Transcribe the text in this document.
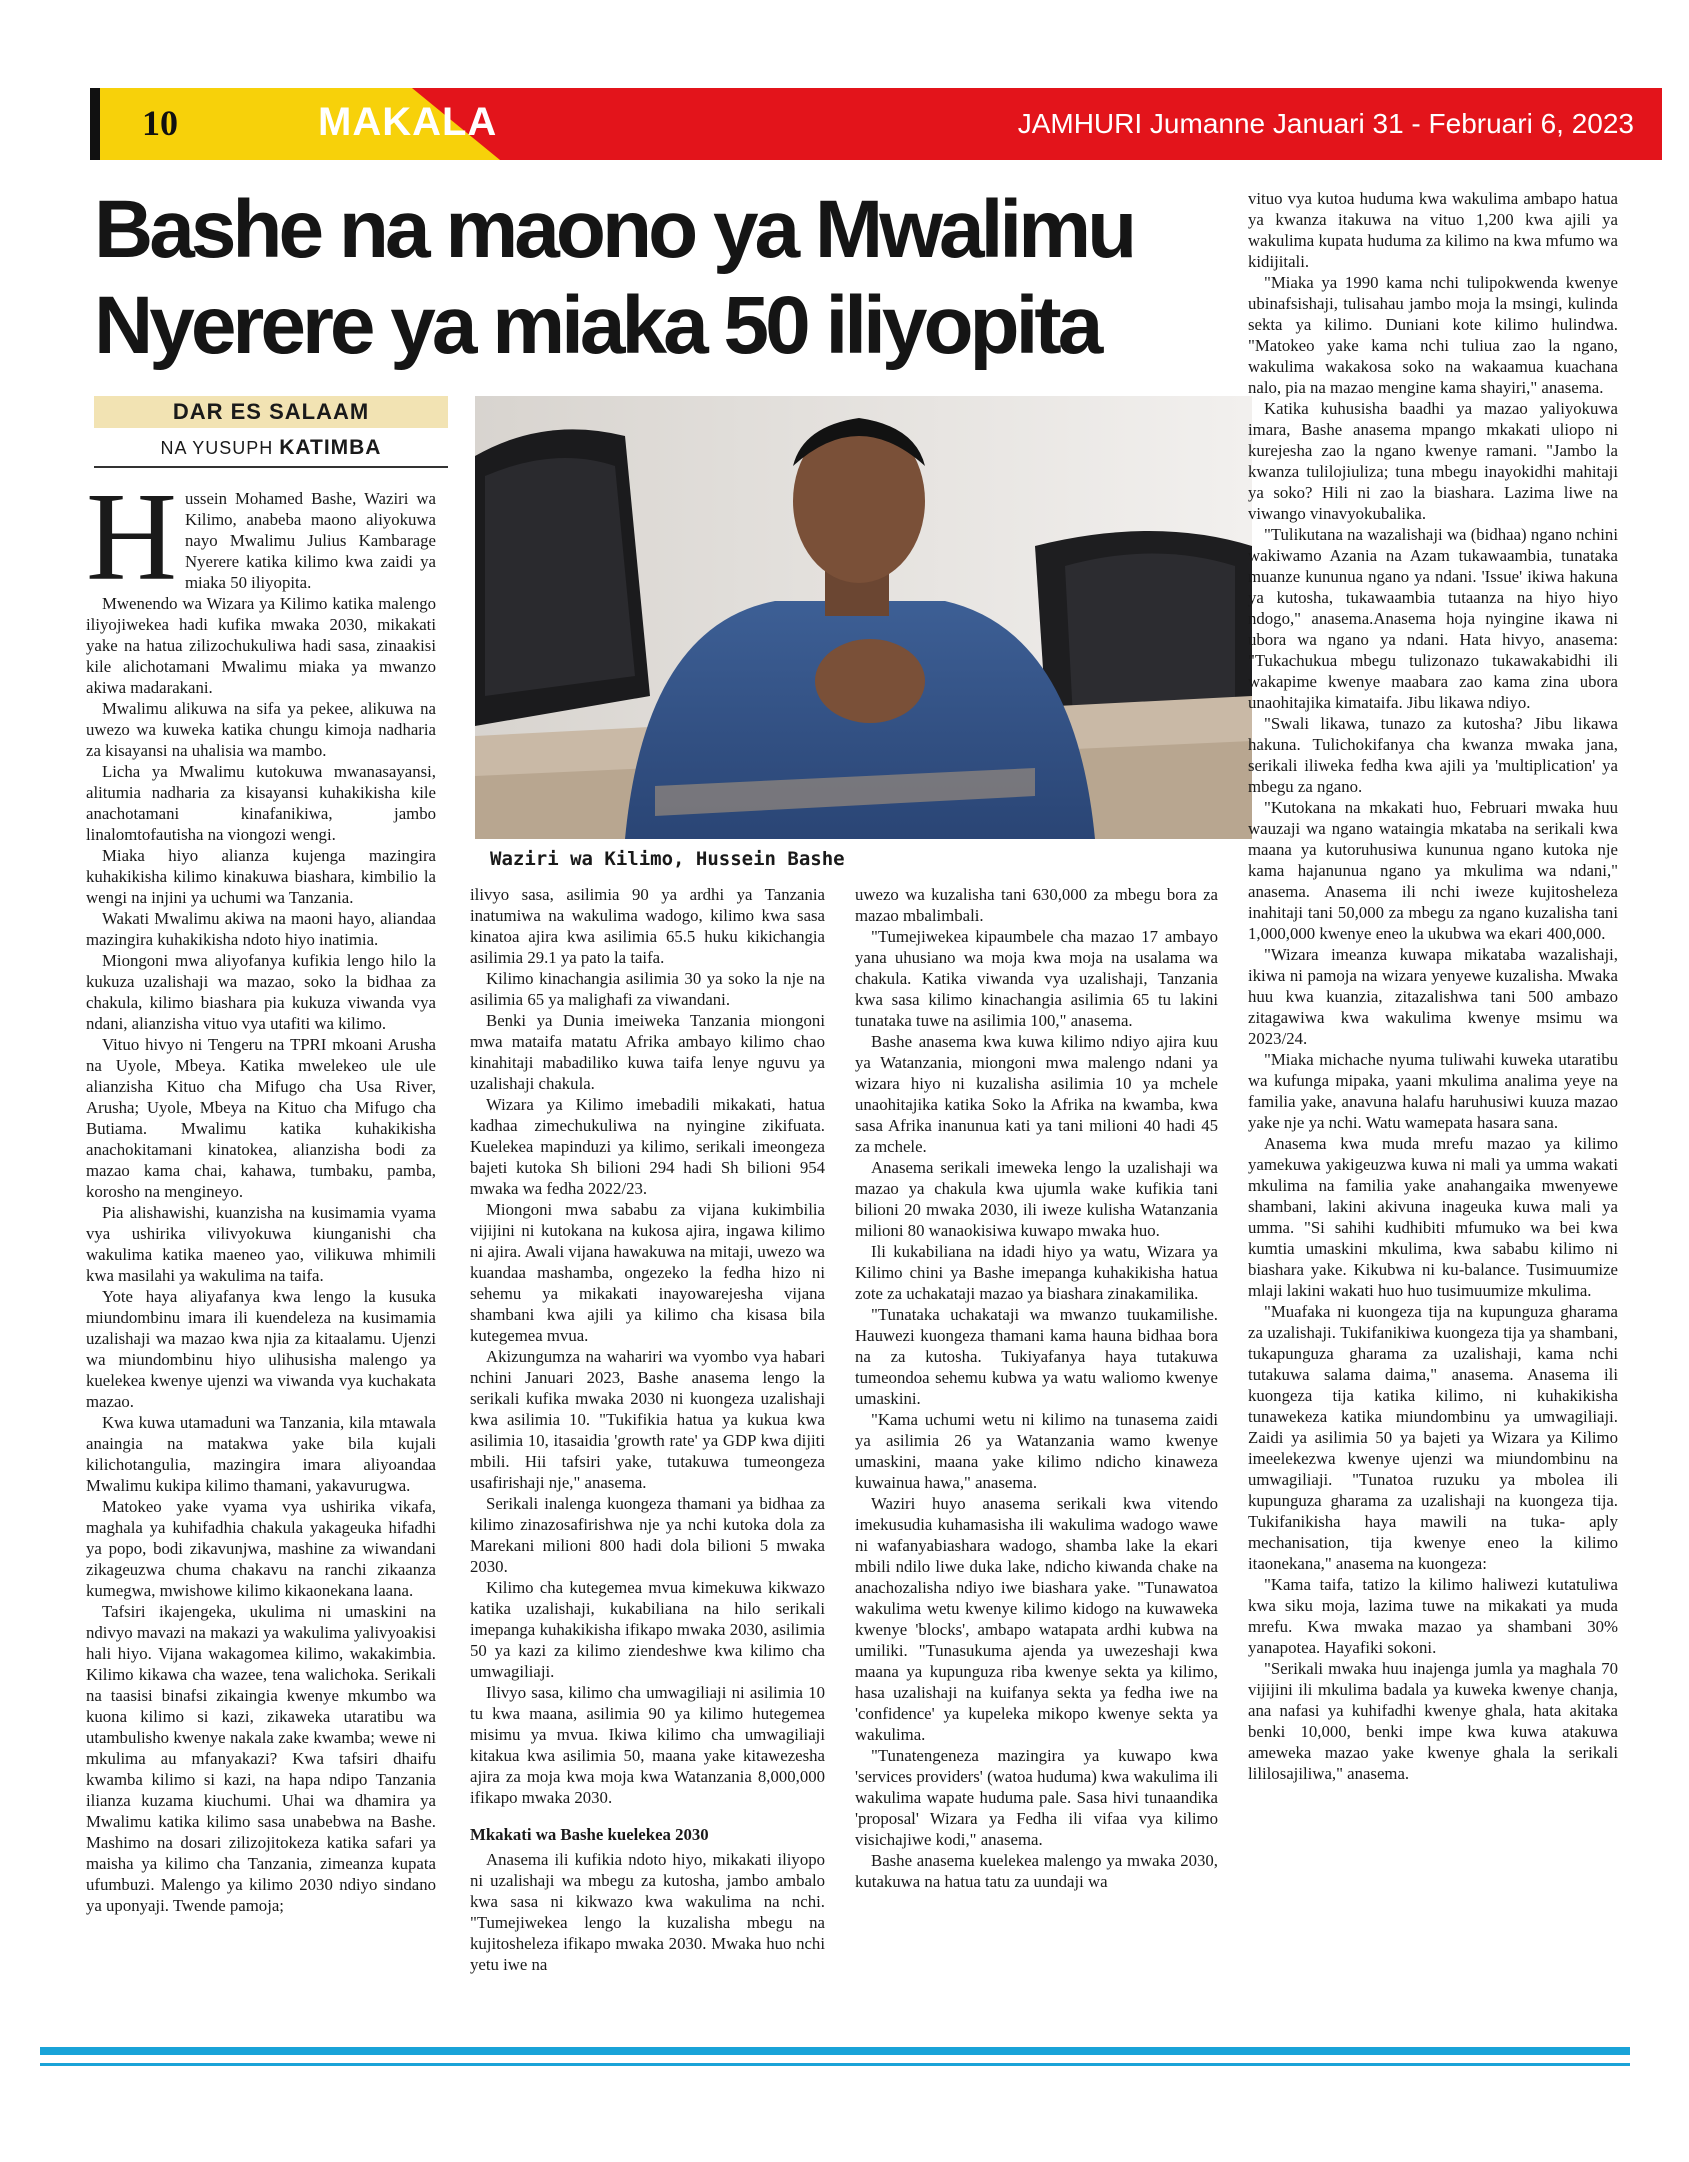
10	MAKALA	JAMHURI Jumanne Januari 31 - Februari 6, 2023
Bashe na maono ya Mwalimu
Nyerere ya miaka 50 iliyopita
DAR ES SALAAM
NA YUSUPH KATIMBA
Waziri wa Kilimo, Hussein Bashe

Hussein Mohamed Bashe, Waziri wa Kilimo, anabeba maono aliyokuwa nayo Mwalimu Julius Kambarage Nyerere katika kilimo kwa zaidi ya miaka 50 iliyopita.

Mwenendo wa Wizara ya Kilimo katika malengo iliyojiwekea hadi kufika mwaka 2030, mikakati yake na hatua zilizochukuliwa hadi sasa, zinaakisi kile alichotamani Mwalimu miaka ya mwanzo akiwa madarakani.

Mwalimu alikuwa na sifa ya pekee, alikuwa na uwezo wa kuweka katika chungu kimoja nadharia za kisayansi na uhalisia wa mambo.

Licha ya Mwalimu kutokuwa mwanasayansi, alitumia nadharia za kisayansi kuhakikisha kile anachotamani kinafanikiwa, jambo linalomtofautisha na viongozi wengi.

Miaka hiyo alianza kujenga mazingira kuhakikisha kilimo kinakuwa biashara, kimbilio la wengi na injini ya uchumi wa Tanzania.

Wakati Mwalimu akiwa na maoni hayo, aliandaa mazingira kuhakikisha ndoto hiyo inatimia.

Miongoni mwa aliyofanya kufikia lengo hilo la kukuza uzalishaji wa mazao, soko la bidhaa za chakula, kilimo biashara pia kukuza viwanda vya ndani, alianzisha vituo vya utafiti wa kilimo.

Vituo hivyo ni Tengeru na TPRI mkoani Arusha na Uyole, Mbeya. Katika mwelekeo ule ule alianzisha Kituo cha Mifugo cha Usa River, Arusha; Uyole, Mbeya na Kituo cha Mifugo cha Butiama. Mwalimu katika kuhakikisha anachokitamani kinatokea, alianzisha bodi za mazao kama chai, kahawa, tumbaku, pamba, korosho na mengineyo.

Pia alishawishi, kuanzisha na kusimamia vyama vya ushirika vilivyokuwa kiunganishi cha wakulima katika maeneo yao, vilikuwa mhimili kwa masilahi ya wakulima na taifa.

Yote haya aliyafanya kwa lengo la kusuka miundombinu imara ili kuendeleza na kusimamia uzalishaji wa mazao kwa njia za kitaalamu. Ujenzi wa miundombinu hiyo ulihusisha malengo ya kuelekea kwenye ujenzi wa viwanda vya kuchakata mazao.

Kwa kuwa utamaduni wa Tanzania, kila mtawala anaingia na matakwa yake bila kujali kilichotangulia, mazingira imara aliyoandaa Mwalimu kukipa kilimo thamani, yakavurugwa.

Matokeo yake vyama vya ushirika vikafa, maghala ya kuhifadhia chakula yakageuka hifadhi ya popo, bodi zikavunjwa, mashine za wiwandani zikageuzwa chuma chakavu na ranchi zikaanza kumegwa, mwishowe kilimo kikaonekana laana.

Tafsiri ikajengeka, ukulima ni umaskini na ndivyo mavazi na makazi ya wakulima yalivyoakisi hali hiyo. Vijana wakagomea kilimo, wakakimbia. Kilimo kikawa cha wazee, tena walichoka. Serikali na taasisi binafsi zikaingia kwenye mkumbo wa kuona kilimo si kazi, zikaweka utaratibu wa utambulisho kwenye nakala zake kwamba; wewe ni mkulima au mfanyakazi? Kwa tafsiri dhaifu kwamba kilimo si kazi, na hapa ndipo Tanzania ilianza kuzama kiuchumi. Uhai wa dhamira ya Mwalimu katika kilimo sasa unabebwa na Bashe. Mashimo na dosari zilizojitokeza katika safari ya maisha ya kilimo cha Tanzania, zimeanza kupata ufumbuzi. Malengo ya kilimo 2030 ndiyo sindano ya uponyaji. Twende pamoja;

ilivyo sasa, asilimia 90 ya ardhi ya Tanzania inatumiwa na wakulima wadogo, kilimo kwa sasa kinatoa ajira kwa asilimia 65.5 huku kikichangia asilimia 29.1 ya pato la taifa.

Kilimo kinachangia asilimia 30 ya soko la nje na asilimia 65 ya malighafi za viwandani.

Benki ya Dunia imeiweka Tanzania miongoni mwa mataifa matatu Afrika ambayo kilimo chao kinahitaji mabadiliko kuwa taifa lenye nguvu ya uzalishaji chakula.

Wizara ya Kilimo imebadili mikakati, hatua kadhaa zimechukuliwa na nyingine zikifuata. Kuelekea mapinduzi ya kilimo, serikali imeongeza bajeti kutoka Sh bilioni 294 hadi Sh bilioni 954 mwaka wa fedha 2022/23.

Miongoni mwa sababu za vijana kukimbilia vijijini ni kutokana na kukosa ajira, ingawa kilimo ni ajira. Awali vijana hawakuwa na mitaji, uwezo wa kuandaa mashamba, ongezeko la fedha hizo ni sehemu ya mikakati inayowarejesha vijana shambani kwa ajili ya kilimo cha kisasa bila kutegemea mvua.

Akizungumza na wahariri wa vyombo vya habari nchini Januari 2023, Bashe anasema lengo la serikali kufika mwaka 2030 ni kuongeza uzalishaji kwa asilimia 10. "Tukifikia hatua ya kukua kwa asilimia 10, itasaidia 'growth rate' ya GDP kwa dijiti mbili. Hii tafsiri yake, tutakuwa tumeongeza usafirishaji nje," anasema.

Serikali inalenga kuongeza thamani ya bidhaa za kilimo zinazosafirishwa nje ya nchi kutoka dola za Marekani milioni 800 hadi dola bilioni 5 mwaka 2030.

Kilimo cha kutegemea mvua kimekuwa kikwazo katika uzalishaji, kukabiliana na hilo serikali imepanga kuhakikisha ifikapo mwaka 2030, asilimia 50 ya kazi za kilimo ziendeshwe kwa kilimo cha umwagiliaji.

Ilivyo sasa, kilimo cha umwagiliaji ni asilimia 10 tu kwa maana, asilimia 90 ya kilimo hutegemea misimu ya mvua. Ikiwa kilimo cha umwagiliaji kitakua kwa asilimia 50, maana yake kitawezesha ajira za moja kwa moja kwa Watanzania 8,000,000 ifikapo mwaka 2030.

Mkakati wa Bashe kuelekea 2030

Anasema ili kufikia ndoto hiyo, mikakati iliyopo ni uzalishaji wa mbegu za kutosha, jambo ambalo kwa sasa ni kikwazo kwa wakulima na nchi. "Tumejiwekea lengo la kuzalisha mbegu na kujitosheleza ifikapo mwaka 2030. Mwaka huo nchi yetu iwe na

uwezo wa kuzalisha tani 630,000 za mbegu bora za mazao mbalimbali.

"Tumejiwekea kipaumbele cha mazao 17 ambayo yana uhusiano wa moja kwa moja na usalama wa chakula. Katika viwanda vya uzalishaji, Tanzania kwa sasa kilimo kinachangia asilimia 65 tu lakini tunataka tuwe na asilimia 100," anasema.

Bashe anasema kwa kuwa kilimo ndiyo ajira kuu ya Watanzania, miongoni mwa malengo ndani ya wizara hiyo ni kuzalisha asilimia 10 ya mchele unaohitajika katika Soko la Afrika na kwamba, kwa sasa Afrika inanunua kati ya tani milioni 40 hadi 45 za mchele.

Anasema serikali imeweka lengo la uzalishaji wa mazao ya chakula kwa ujumla wake kufikia tani bilioni 20 mwaka 2030, ili iweze kulisha Watanzania milioni 80 wanaokisiwa kuwapo mwaka huo.

Ili kukabiliana na idadi hiyo ya watu, Wizara ya Kilimo chini ya Bashe imepanga kuhakikisha hatua zote za uchakataji mazao ya biashara zinakamilika.

"Tunataka uchakataji wa mwanzo tuukamilishe. Hauwezi kuongeza thamani kama hauna bidhaa bora na za kutosha. Tukiyafanya haya tutakuwa tumeondoa sehemu kubwa ya watu waliomo kwenye umaskini.

"Kama uchumi wetu ni kilimo na tunasema zaidi ya asilimia 26 ya Watanzania wamo kwenye umaskini, maana yake kilimo ndicho kinaweza kuwainua hawa," anasema.

Waziri huyo anasema serikali kwa vitendo imekusudia kuhamasisha ili wakulima wadogo wawe ni wafanyabiashara wadogo, shamba lake la ekari mbili ndilo liwe duka lake, ndicho kiwanda chake na anachozalisha ndiyo iwe biashara yake. "Tunawatoa wakulima wetu kwenye kilimo kidogo na kuwaweka kwenye 'blocks', ambapo watapata ardhi kubwa na umiliki. "Tunasukuma ajenda ya uwezeshaji kwa maana ya kupunguza riba kwenye sekta ya kilimo, hasa uzalishaji na kuifanya sekta ya fedha iwe na 'confidence' ya kupeleka mikopo kwenye sekta ya wakulima.

"Tunatengeneza mazingira ya kuwapo kwa 'services providers' (watoa huduma) kwa wakulima ili wakulima wapate huduma pale. Sasa hivi tunaandika 'proposal' Wizara ya Fedha ili vifaa vya kilimo visichajiwe kodi," anasema.

Bashe anasema kuelekea malengo ya mwaka 2030, kutakuwa na hatua tatu za uundaji wa

vituo vya kutoa huduma kwa wakulima ambapo hatua ya kwanza itakuwa na vituo 1,200 kwa ajili ya wakulima kupata huduma za kilimo na kwa mfumo wa kidijitali.

"Miaka ya 1990 kama nchi tulipokwenda kwenye ubinafsishaji, tulisahau jambo moja la msingi, kulinda sekta ya kilimo. Duniani kote kilimo hulindwa. "Matokeo yake kama nchi tuliua zao la ngano, wakulima wakakosa soko na wakaamua kuachana nalo, pia na mazao mengine kama shayiri," anasema.

Katika kuhusisha baadhi ya mazao yaliyokuwa imara, Bashe anasema mpango mkakati uliopo ni kurejesha zao la ngano kwenye ramani. "Jambo la kwanza tulilojiuliza; tuna mbegu inayokidhi mahitaji ya soko? Hili ni zao la biashara. Lazima liwe na viwango vinavyokubalika.

"Tulikutana na wazalishaji wa (bidhaa) ngano nchini wakiwamo Azania na Azam tukawaambia, tunataka muanze kununua ngano ya ndani. 'Issue' ikiwa hakuna ya kutosha, tukawaambia tutaanza na hiyo hiyo ndogo," anasema.Anasema hoja nyingine ikawa ni ubora wa ngano ya ndani. Hata hivyo, anasema: "Tukachukua mbegu tulizonazo tukawakabidhi ili wakapime kwenye maabara zao kama zina ubora unaohitajika kimataifa. Jibu likawa ndiyo.

"Swali likawa, tunazo za kutosha? Jibu likawa hakuna. Tulichokifanya cha kwanza mwaka jana, serikali iliweka fedha kwa ajili ya 'multiplication' ya mbegu za ngano.

"Kutokana na mkakati huo, Februari mwaka huu wauzaji wa ngano wataingia mkataba na serikali kwa maana ya kutoruhusiwa kununua ngano kutoka nje kama hajanunua ngano ya mkulima wa ndani," anasema. Anasema ili nchi iweze kujitosheleza inahitaji tani 50,000 za mbegu za ngano kuzalisha tani 1,000,000 kwenye eneo la ukubwa wa ekari 400,000.

"Wizara imeanza kuwapa mikataba wazalishaji, ikiwa ni pamoja na wizara yenyewe kuzalisha. Mwaka huu kwa kuanzia, zitazalishwa tani 500 ambazo zitagawiwa kwa wakulima kwenye msimu wa 2023/24.

"Miaka michache nyuma tuliwahi kuweka utaratibu wa kufunga mipaka, yaani mkulima analima yeye na familia yake, anavuna halafu haruhusiwi kuuza mazao yake nje ya nchi. Watu wamepata hasara sana.

Anasema kwa muda mrefu mazao ya kilimo yamekuwa yakigeuzwa kuwa ni mali ya umma wakati mkulima na familia yake anahangaika mwenyewe shambani, lakini akivuna inageuka kuwa mali ya umma. "Si sahihi kudhibiti mfumuko wa bei kwa kumtia umaskini mkulima, kwa sababu kilimo ni biashara yake. Kikubwa ni ku-balance. Tusimuumize mlaji lakini wakati huo huo tusimuumize mkulima.

"Muafaka ni kuongeza tija na kupunguza gharama za uzalishaji. Tukifanikiwa kuongeza tija ya shambani, tukapunguza gharama za uzalishaji, kama nchi tutakuwa salama daima," anasema. Anasema ili kuongeza tija katika kilimo, ni kuhakikisha tunawekeza katika miundombinu ya umwagiliaji. Zaidi ya asilimia 50 ya bajeti ya Wizara ya Kilimo imeelekezwa kwenye ujenzi wa miundombinu na umwagiliaji. "Tunatoa ruzuku ya mbolea ili kupunguza gharama za uzalishaji na kuongeza tija. Tukifanikisha haya mawili na tuka- aply mechanisation, tija kwenye eneo la kilimo itaonekana," anasema na kuongeza:

"Kama taifa, tatizo la kilimo haliwezi kutatuliwa kwa siku moja, lazima tuwe na mikakati ya muda mrefu. Kwa mwaka mazao ya shambani 30% yanapotea. Hayafiki sokoni.

"Serikali mwaka huu inajenga jumla ya maghala 70 vijijini ili mkulima badala ya kuweka kwenye chanja, ana nafasi ya kuhifadhi kwenye ghala, hata akitaka benki 10,000, benki impe kwa kuwa atakuwa ameweka mazao yake kwenye ghala la serikali lililosajiliwa," anasema.
